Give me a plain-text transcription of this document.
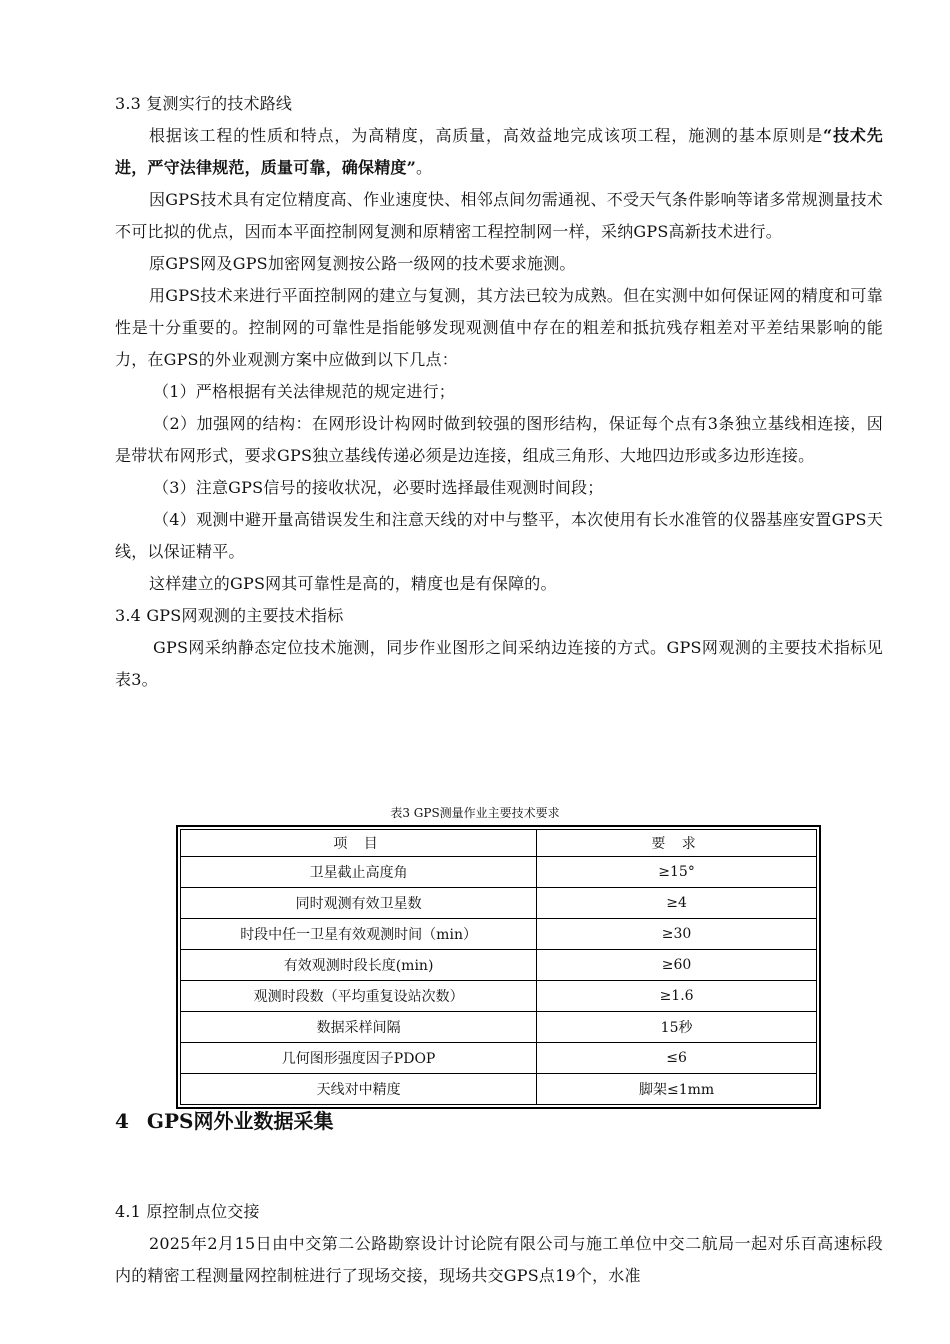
3.3 复测实行的技术路线

根据该工程的性质和特点，为高精度，高质量，高效益地完成该项工程，施测的基本原则是“技术先进，严守法律规范，质量可靠，确保精度”。

因GPS技术具有定位精度高、作业速度快、相邻点间勿需通视、不受天气条件影响等诸多常规测量技术不可比拟的优点，因而本平面控制网复测和原精密工程控制网一样，采纳GPS高新技术进行。

原GPS网及GPS加密网复测按公路一级网的技术要求施测。

用GPS技术来进行平面控制网的建立与复测，其方法已较为成熟。但在实测中如何保证网的精度和可靠性是十分重要的。控制网的可靠性是指能够发现观测值中存在的粗差和抵抗残存粗差对平差结果影响的能力，在GPS的外业观测方案中应做到以下几点：

（1）严格根据有关法律规范的规定进行；

（2）加强网的结构：在网形设计构网时做到较强的图形结构，保证每个点有3条独立基线相连接，因是带状布网形式，要求GPS独立基线传递必须是边连接，组成三角形、大地四边形或多边形连接。

（3）注意GPS信号的接收状况，必要时选择最佳观测时间段；

（4）观测中避开量高错误发生和注意天线的对中与整平，本次使用有长水准管的仪器基座安置GPS天线，以保证精平。

这样建立的GPS网其可靠性是高的，精度也是有保障的。

3.4 GPS网观测的主要技术指标

GPS网采纳静态定位技术施测，同步作业图形之间采纳边连接的方式。GPS网观测的主要技术指标见表3。

表3 GPS测量作业主要技术要求
项 目	要 求
卫星截止高度角	≥15°
同时观测有效卫星数	≥4
时段中任一卫星有效观测时间（min）	≥30
有效观测时段长度(min)	≥60
观测时段数（平均重复设站次数）	≥1.6
数据采样间隔	15秒
几何图形强度因子PDOP	≤6
天线对中精度	脚架≤1mm
4 GPS网外业数据采集
4.1 原控制点位交接

2025年2月15日由中交第二公路勘察设计讨论院有限公司与施工单位中交二航局一起对乐百高速标段内的精密工程测量网控制桩进行了现场交接，现场共交GPS点19个，水准
